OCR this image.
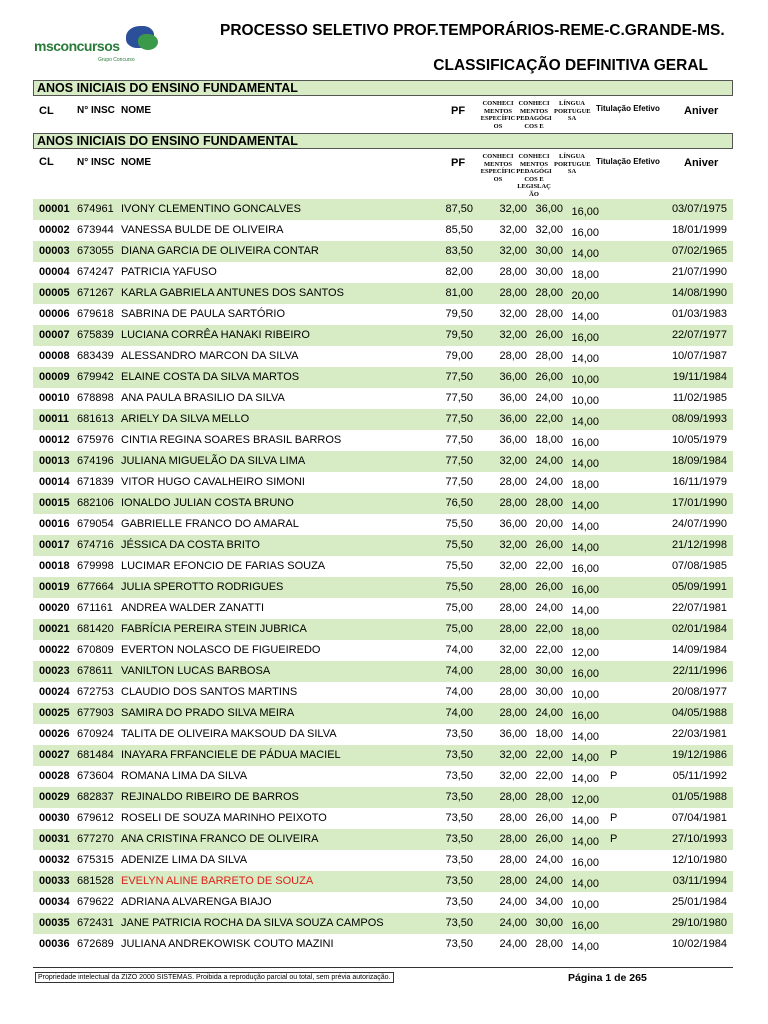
msconcursos
Grupo Concurso
PROCESSO SELETIVO PROF.TEMPORÁRIOS-REME-C.GRANDE-MS.
CLASSIFICAÇÃO DEFINITIVA GERAL
ANOS INICIAIS DO ENSINO FUNDAMENTAL
CL N° INSC NOME	PF
CONHECI MENTOS ESPECÍFIC OS
CONHECI MENTOS PEDAGÓGI COS E
LÍNGUA PORTUGUE SA
Titulação Efetivo Aniver
ANOS INICIAIS DO ENSINO FUNDAMENTAL
CL N° INSC NOME	PF
CONHECI MENTOS ESPECÍFIC OS
CONHECI MENTOS PEDAGÓGI COS E LEGISLAÇ ÃO
LÍNGUA PORTUGUE SA
Titulação Efetivo Aniver
00001 674961 IVONY CLEMENTINO GONCALVES	87,50 32,00 36,00 16,00	03/07/1975
00002 673944 VANESSA BULDE DE OLIVEIRA	85,50 32,00 32,00 16,00	18/01/1999
00003 673055 DIANA GARCIA DE OLIVEIRA CONTAR	83,50 32,00 30,00 14,00	07/02/1965
00004 674247 PATRICIA YAFUSO	82,00 28,00 30,00 18,00	21/07/1990
00005 671267 KARLA GABRIELA ANTUNES DOS SANTOS	81,00 28,00 28,00 20,00	14/08/1990
00006 679618 SABRINA DE PAULA SARTÓRIO	79,50 32,00 28,00 14,00	01/03/1983
00007 675839 LUCIANA CORRÊA HANAKI RIBEIRO	79,50 32,00 26,00 16,00	22/07/1977
00008 683439 ALESSANDRO MARCON DA SILVA	79,00 28,00 28,00 14,00	10/07/1987
00009 679942 ELAINE COSTA DA SILVA MARTOS	77,50 36,00 26,00 10,00	19/11/1984
00010 678898 ANA PAULA BRASILIO DA SILVA	77,50 36,00 24,00 10,00	11/02/1985
00011 681613 ARIELY DA SILVA MELLO	77,50 36,00 22,00 14,00	08/09/1993
00012 675976 CINTIA REGINA SOARES BRASIL BARROS	77,50 36,00 18,00 16,00	10/05/1979
00013 674196 JULIANA MIGUELÃO DA SILVA LIMA	77,50 32,00 24,00 14,00	18/09/1984
00014 671839 VITOR HUGO CAVALHEIRO SIMONI	77,50 28,00 24,00 18,00	16/11/1979
00015 682106 IONALDO JULIAN COSTA BRUNO	76,50 28,00 28,00 14,00	17/01/1990
00016 679054 GABRIELLE FRANCO DO AMARAL	75,50 36,00 20,00 14,00	24/07/1990
00017 674716 JÉSSICA DA COSTA BRITO	75,50 32,00 26,00 14,00	21/12/1998
00018 679998 LUCIMAR EFONCIO DE FARIAS SOUZA	75,50 32,00 22,00 16,00	07/08/1985
00019 677664 JULIA SPEROTTO RODRIGUES	75,50 28,00 26,00 16,00	05/09/1991
00020 671161 ANDREA WALDER ZANATTI	75,00 28,00 24,00 14,00	22/07/1981
00021 681420 FABRÍCIA PEREIRA STEIN JUBRICA	75,00 28,00 22,00 18,00	02/01/1984
00022 670809 EVERTON NOLASCO DE FIGUEIREDO	74,00 32,00 22,00 12,00	14/09/1984
00023 678611 VANILTON LUCAS BARBOSA	74,00 28,00 30,00 16,00	22/11/1996
00024 672753 CLAUDIO DOS SANTOS MARTINS	74,00 28,00 30,00 10,00	20/08/1977
00025 677903 SAMIRA DO PRADO SILVA MEIRA	74,00 28,00 24,00 16,00	04/05/1988
00026 670924 TALITA DE OLIVEIRA MAKSOUD DA SILVA	73,50 36,00 18,00 14,00	22/03/1981
00027 681484 INAYARA FRFANCIELE DE PÁDUA MACIEL	73,50 32,00 22,00 14,00 P	19/12/1986
00028 673604 ROMANA LIMA DA SILVA	73,50 32,00 22,00 14,00 P	05/11/1992
00029 682837 REJINALDO RIBEIRO DE BARROS	73,50 28,00 28,00 12,00	01/05/1988
00030 679612 ROSELI DE SOUZA MARINHO PEIXOTO	73,50 28,00 26,00 14,00 P	07/04/1981
00031 677270 ANA CRISTINA FRANCO DE OLIVEIRA	73,50 28,00 26,00 14,00 P	27/10/1993
00032 675315 ADENIZE LIMA DA SILVA	73,50 28,00 24,00 16,00	12/10/1980
00033 681528 EVELYN ALINE BARRETO DE SOUZA	73,50 28,00 24,00 14,00	03/11/1994
00034 679622 ADRIANA ALVARENGA BIAJO	73,50 24,00 34,00 10,00	25/01/1984
00035 672431 JANE PATRICIA ROCHA DA SILVA SOUZA CAMPOS	73,50 24,00 30,00 16,00	29/10/1980
00036 672689 JULIANA ANDREKOWISK COUTO MAZINI	73,50 24,00 28,00 14,00	10/02/1984
Propriedade intelectual da ZIZO 2000 SISTEMAS. Proibida a reprodução parcial ou total, sem prévia autorização.	Página 1 de 265
